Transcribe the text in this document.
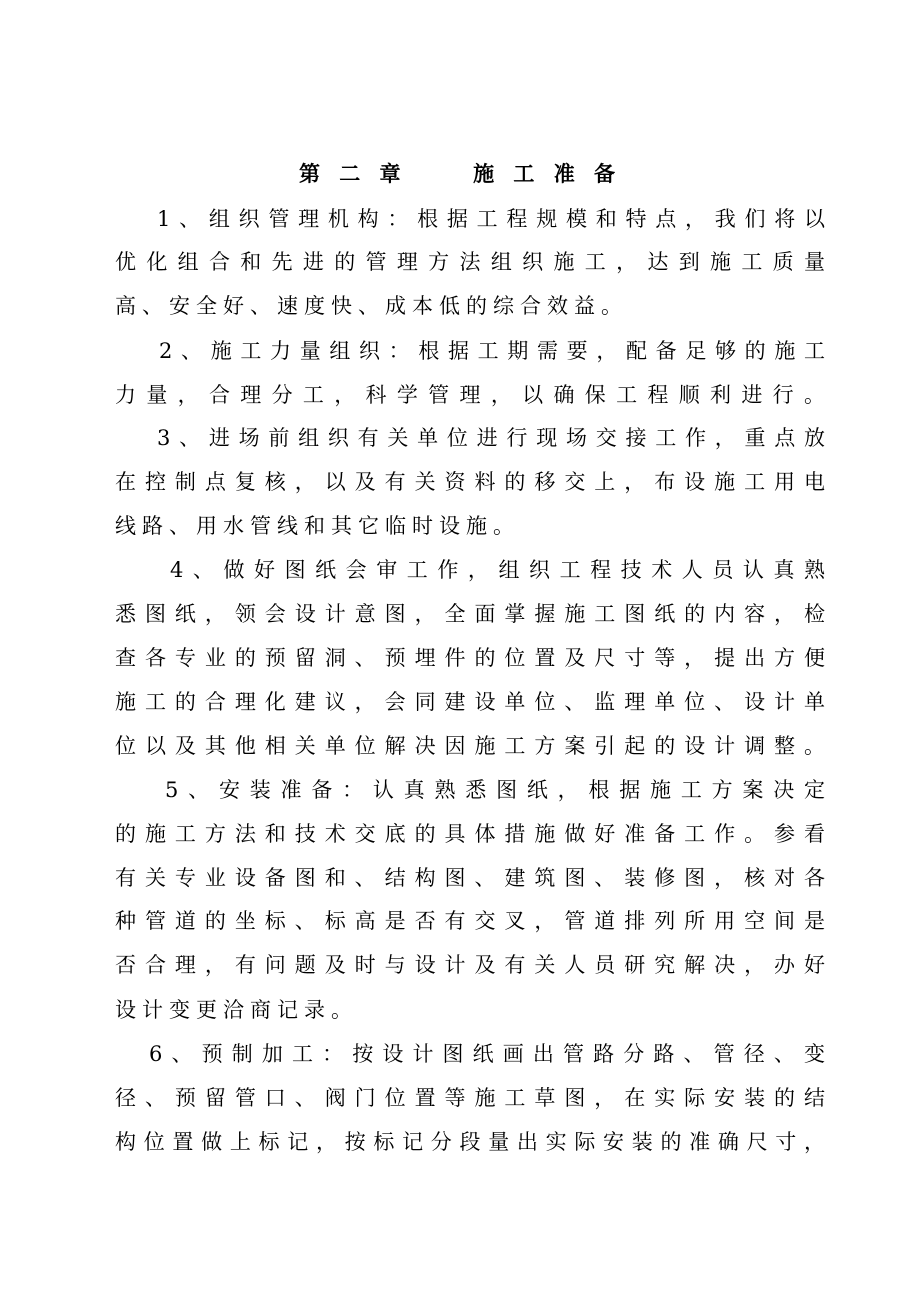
第 二 章     施 工 准 备
1、组织管理机构：根据工程规模和特点，我们将以
优化组合和先进的管理方法组织施工，达到施工质量
高、安全好、速度快、成本低的综合效益。
2、施工力量组织：根据工期需要，配备足够的施工
力量，合理分工，科学管理，以确保工程顺利进行。
3、进场前组织有关单位进行现场交接工作，重点放
在控制点复核，以及有关资料的移交上，布设施工用电
线路、用水管线和其它临时设施。
4、做好图纸会审工作，组织工程技术人员认真熟
悉图纸，领会设计意图，全面掌握施工图纸的内容，检
查各专业的预留洞、预埋件的位置及尺寸等，提出方便
施工的合理化建议，会同建设单位、监理单位、设计单
位以及其他相关单位解决因施工方案引起的设计调整。
5、安装准备：认真熟悉图纸，根据施工方案决定
的施工方法和技术交底的具体措施做好准备工作。参看
有关专业设备图和、结构图、建筑图、装修图，核对各
种管道的坐标、标高是否有交叉，管道排列所用空间是
否合理，有问题及时与设计及有关人员研究解决，办好
设计变更洽商记录。
6、预制加工：按设计图纸画出管路分路、管径、变
径、预留管口、阀门位置等施工草图，在实际安装的结
构位置做上标记，按标记分段量出实际安装的准确尺寸，
